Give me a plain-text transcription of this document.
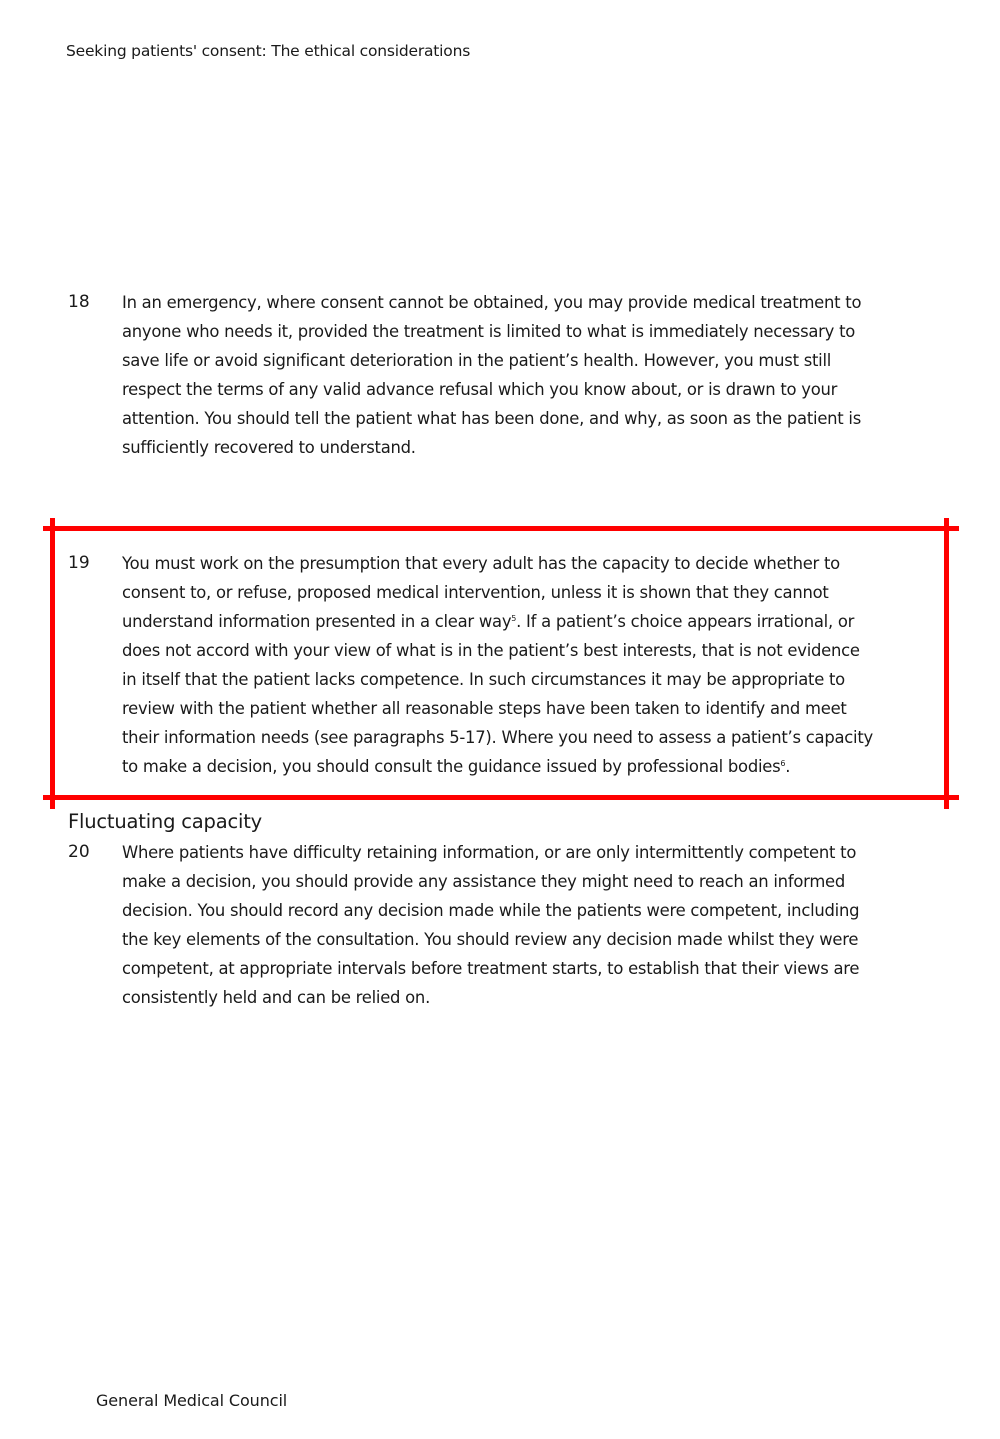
Seeking patients' consent: The ethical considerations
18 In an emergency, where consent cannot be obtained, you may provide medical treatment to
anyone who needs it, provided the treatment is limited to what is immediately necessary to
save life or avoid significant deterioration in the patient’s health. However, you must still
respect the terms of any valid advance refusal which you know about, or is drawn to your
attention. You should tell the patient what has been done, and why, as soon as the patient is
sufficiently recovered to understand.
19 You must work on the presumption that every adult has the capacity to decide whether to
consent to, or refuse, proposed medical intervention, unless it is shown that they cannot
understand information presented in a clear way$^5$. If a patient’s choice appears irrational, or
does not accord with your view of what is in the patient’s best interests, that is not evidence
in itself that the patient lacks competence. In such circumstances it may be appropriate to
review with the patient whether all reasonable steps have been taken to identify and meet
their information needs (see paragraphs 5-17). Where you need to assess a patient’s capacity
to make a decision, you should consult the guidance issued by professional bodies$^6$.
Fluctuating capacity
20 Where patients have difficulty retaining information, or are only intermittently competent to
make a decision, you should provide any assistance they might need to reach an informed
decision. You should record any decision made while the patients were competent, including
the key elements of the consultation. You should review any decision made whilst they were
competent, at appropriate intervals before treatment starts, to establish that their views are
consistently held and can be relied on.
General Medical Council
